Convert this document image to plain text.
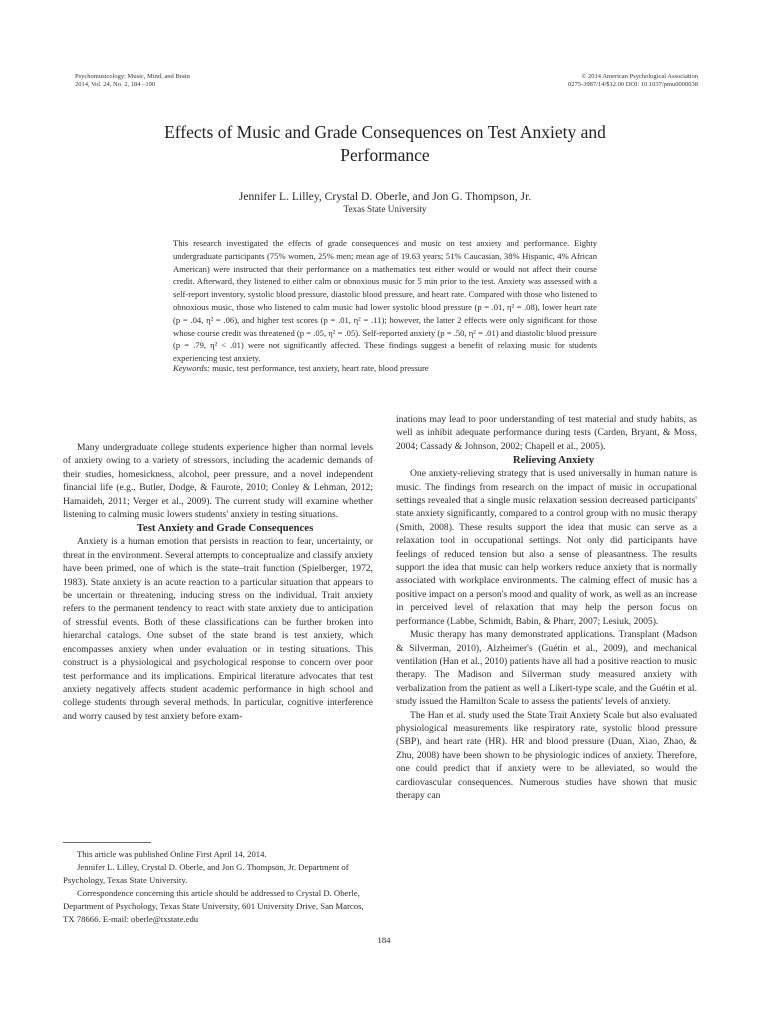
Psychomusicology: Music, Mind, and Brain
2014, Vol. 24, No. 2, 184 –190
© 2014 American Psychological Association
0275-3987/14/$12.00 DOI: 10.1037/pmu0000038
Effects of Music and Grade Consequences on Test Anxiety and
Performance
Jennifer L. Lilley, Crystal D. Oberle, and Jon G. Thompson, Jr.
Texas State University
This research investigated the effects of grade consequences and music on test anxiety and performance. Eighty undergraduate participants (75% women, 25% men; mean age of 19.63 years; 51% Caucasian, 38% Hispanic, 4% African American) were instructed that their performance on a mathematics test either would or would not affect their course credit. Afterward, they listened to either calm or obnoxious music for 5 min prior to the test. Anxiety was assessed with a self-report inventory, systolic blood pressure, diastolic blood pressure, and heart rate. Compared with those who listened to obnoxious music, those who listened to calm music had lower systolic blood pressure (p = .01, η² = .08), lower heart rate (p = .04, η² = .06), and higher test scores (p = .01, η² = .11); however, the latter 2 effects were only significant for those whose course credit was threatened (p = .05, η² = .05). Self-reported anxiety (p = .50, η² = .01) and diastolic blood pressure (p = .79, η² < .01) were not significantly affected. These findings suggest a benefit of relaxing music for students experiencing test anxiety.
Keywords: music, test performance, test anxiety, heart rate, blood pressure

Many undergraduate college students experience higher than normal levels of anxiety owing to a variety of stressors, including the academic demands of their studies, homesickness, alcohol, peer pressure, and a novel independent financial life (e.g., Butler, Dodge, & Faurote, 2010; Conley & Lehman, 2012; Hamaideh, 2011; Verger et al., 2009). The current study will examine whether listening to calming music lowers students' anxiety in testing situations.

Test Anxiety and Grade Consequences

Anxiety is a human emotion that persists in reaction to fear, uncertainty, or threat in the environment. Several attempts to conceptualize and classify anxiety have been primed, one of which is the state–trait function (Spielberger, 1972, 1983). State anxiety is an acute reaction to a particular situation that appears to be uncertain or threatening, inducing stress on the individual. Trait anxiety refers to the permanent tendency to react with state anxiety due to anticipation of stressful events. Both of these classifications can be further broken into hierarchal catalogs. One subset of the state brand is test anxiety, which encompasses anxiety when under evaluation or in testing situations. This construct is a physiological and psychological response to concern over poor test performance and its implications. Empirical literature advocates that test anxiety negatively affects student academic performance in high school and college students through several methods. In particular, cognitive interference and worry caused by test anxiety before exam-

This article was published Online First April 14, 2014.

Jennifer L. Lilley, Crystal D. Oberle, and Jon G. Thompson, Jr. Department of Psychology, Texas State University.

Correspondence concerning this article should be addressed to Crystal D. Oberle, Department of Psychology, Texas State University, 601 University Drive, San Marcos, TX 78666. E-mail: oberle@txstate.edu

inations may lead to poor understanding of test material and study habits, as well as inhibit adequate performance during tests (Carden, Bryant, & Moss, 2004; Cassady & Johnson, 2002; Chapell et al., 2005).

Relieving Anxiety

One anxiety-relieving strategy that is used universally in human nature is music. The findings from research on the impact of music in occupational settings revealed that a single music relaxation session decreased participants' state anxiety significantly, compared to a control group with no music therapy (Smith, 2008). These results support the idea that music can serve as a relaxation tool in occupational settings. Not only did participants have feelings of reduced tension but also a sense of pleasantness. The results support the idea that music can help workers reduce anxiety that is normally associated with workplace environments. The calming effect of music has a positive impact on a person's mood and quality of work, as well as an increase in perceived level of relaxation that may help the person focus on performance (Labbe, Schmidt, Babin, & Pharr, 2007; Lesiuk, 2005).

Music therapy has many demonstrated applications. Transplant (Madson & Silverman, 2010), Alzheimer's (Guétin et al., 2009), and mechanical ventilation (Han et al., 2010) patients have all had a positive reaction to music therapy. The Madison and Silverman study measured anxiety with verbalization from the patient as well a Likert-type scale, and the Guétin et al. study issued the Hamilton Scale to assess the patients' levels of anxiety.

The Han et al. study used the State Trait Anxiety Scale but also evaluated physiological measurements like respiratory rate, systolic blood pressure (SBP), and heart rate (HR). HR and blood pressure (Duan, Xiao, Zhao, & Zhu, 2008) have been shown to be physiologic indices of anxiety. Therefore, one could predict that if anxiety were to be alleviated, so would the cardiovascular consequences. Numerous studies have shown that music therapy can

184
